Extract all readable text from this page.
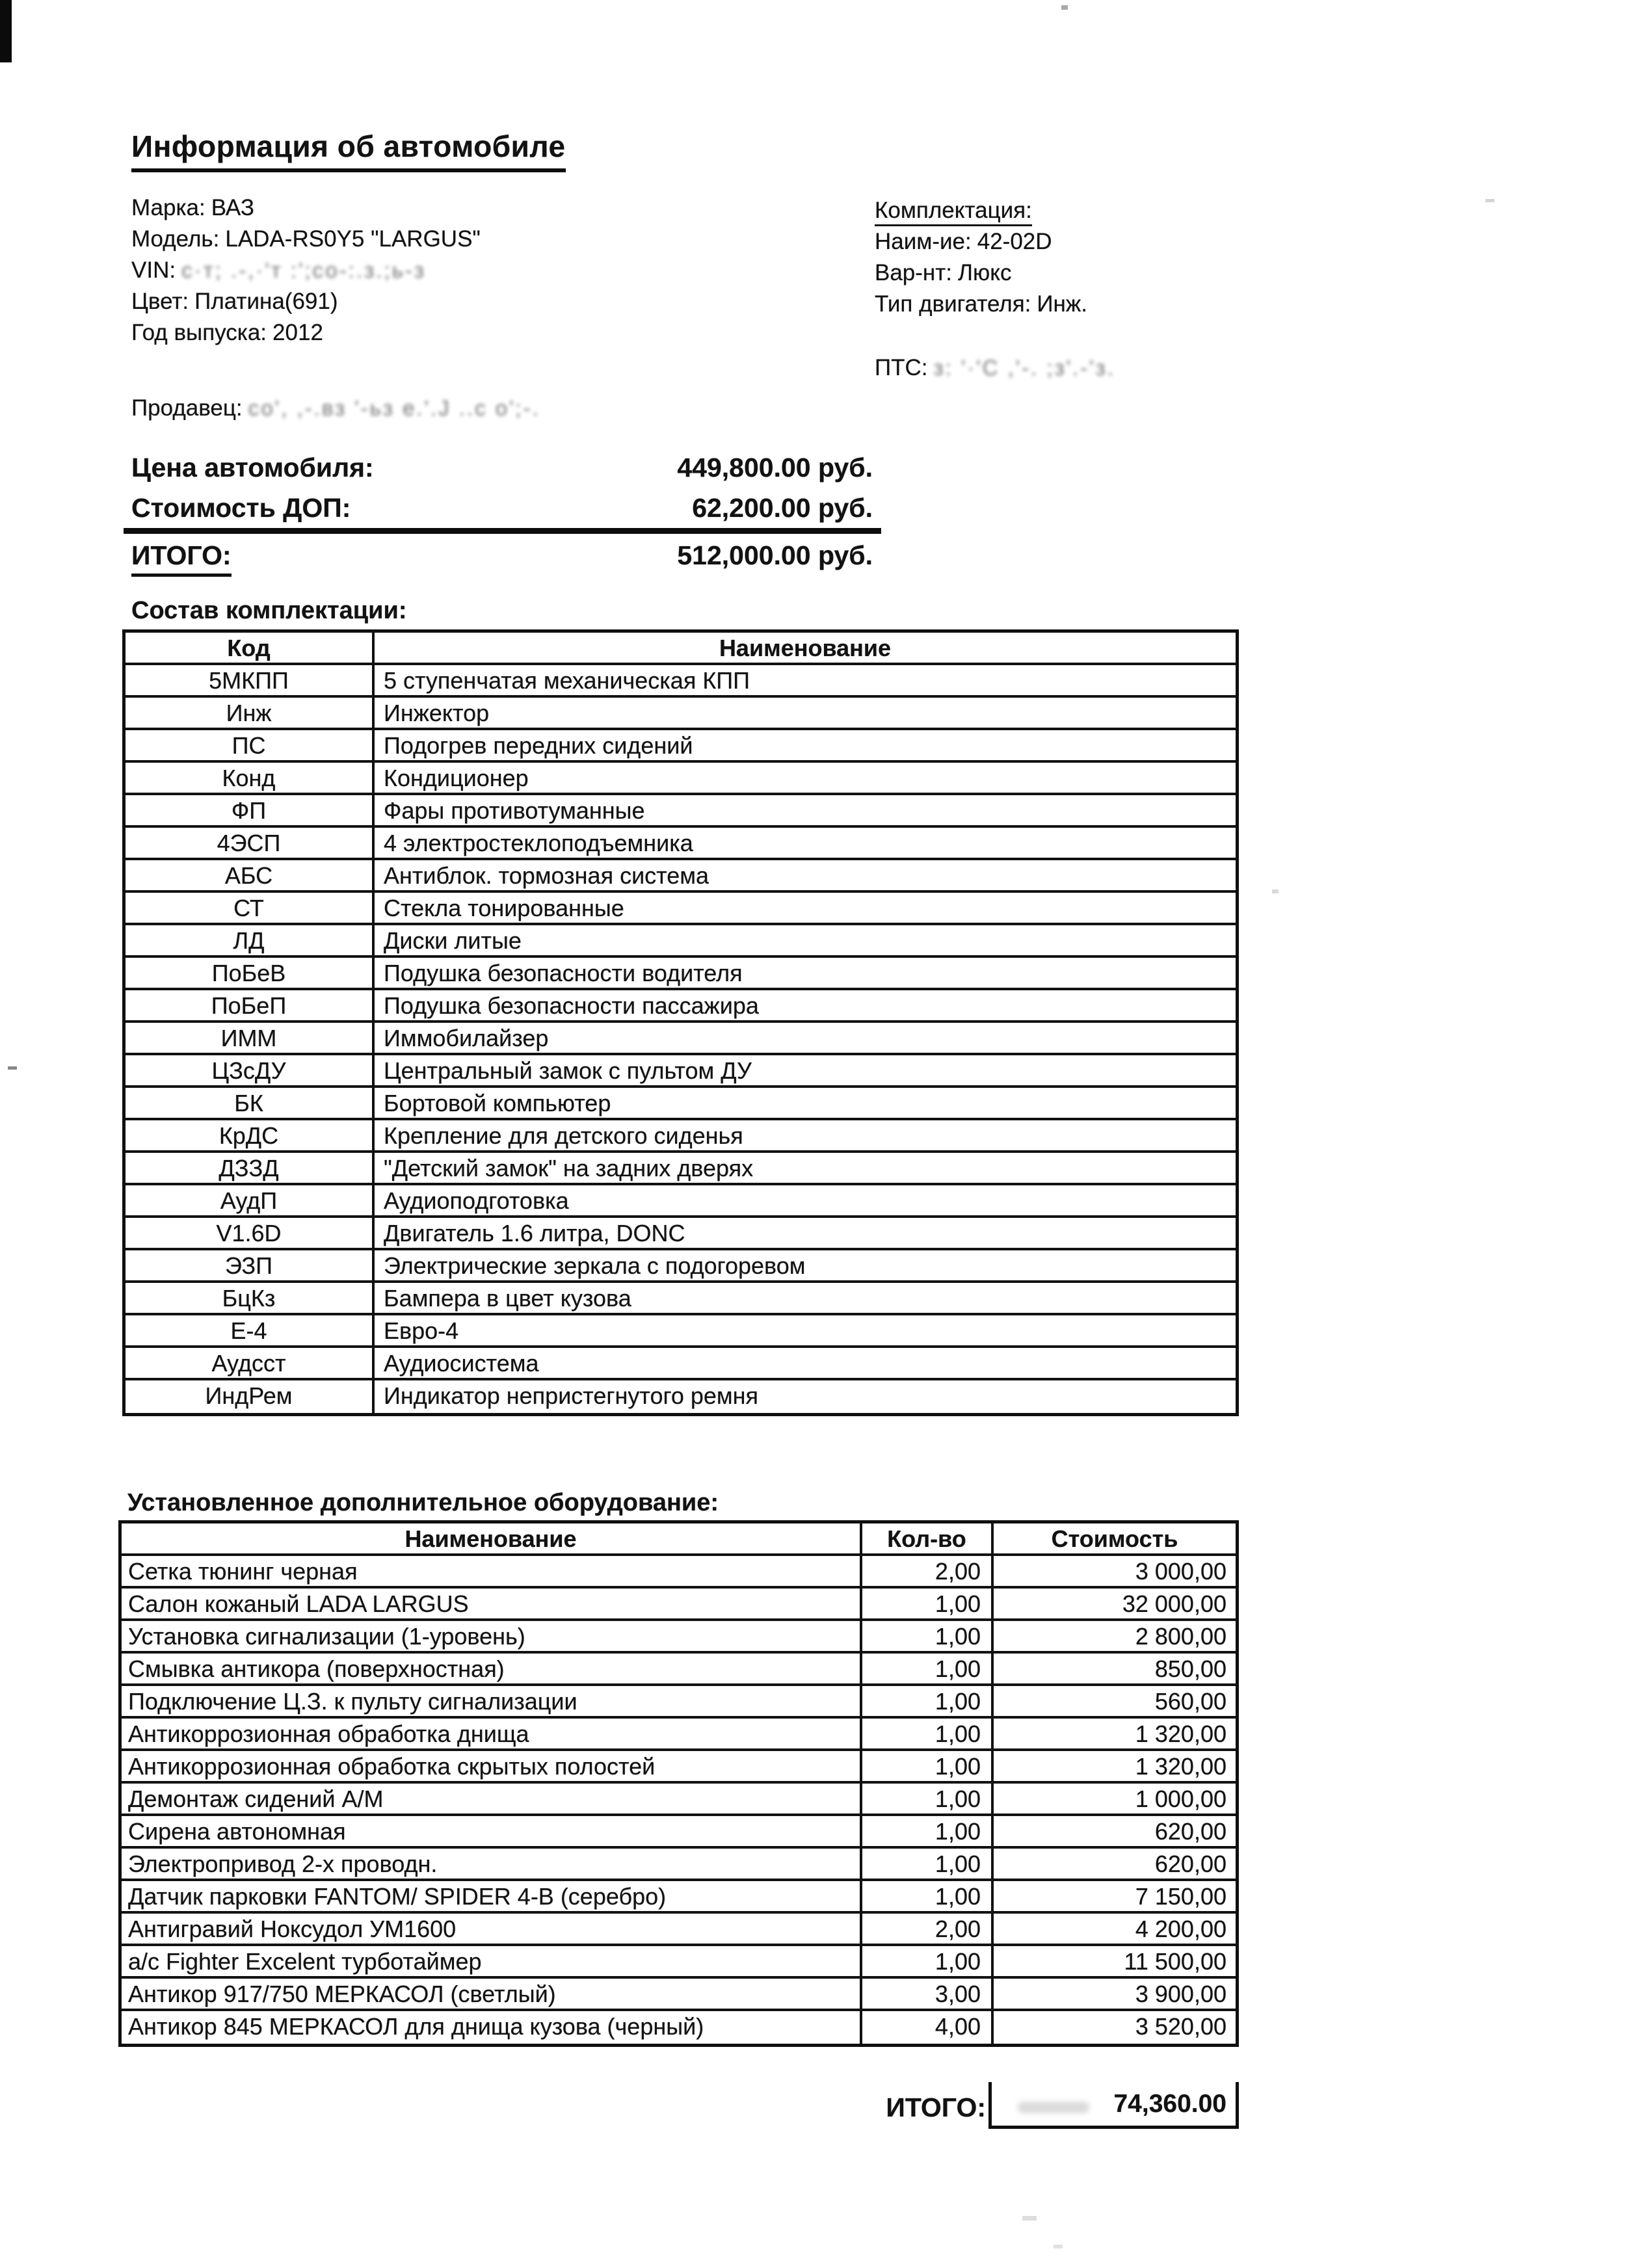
Информация об автомобиле
Марка: ВАЗ
Модель: LADA-RS0Y5 "LARGUS"
VIN: с·т; .-,·'т :';со-:.з.;ь-з
Цвет: Платина(691)
Год выпуска: 2012
Комплектация:
Наим-ие: 42-02D
Вар-нт: Люкс
Тип двигателя: Инж.
ПТС: з: '·'С ,'-. ;з'.-'з.
Продавец: со', ,-.вз '-ьз е.'.Ј ..с о';-.
Цена автомобиля:	449,800.00 руб.
Стоимость ДОП:	62,200.00 руб.
ИТОГО:	512,000.00 руб.
Состав комплектации:
Код	Наименование
5МКПП	5 ступенчатая механическая КПП
Инж	Инжектор
ПС	Подогрев передних сидений
Конд	Кондиционер
ФП	Фары противотуманные
4ЭСП	4 электростеклоподъемника
АБС	Антиблок. тормозная система
СТ	Стекла тонированные
ЛД	Диски литые
ПоБеВ	Подушка безопасности водителя
ПоБеП	Подушка безопасности пассажира
ИММ	Иммобилайзер
ЦЗсДУ	Центральный замок с пультом ДУ
БК	Бортовой компьютер
КрДС	Крепление для детского сиденья
ДЗЗД	"Детский замок" на задних дверях
АудП	Аудиоподготовка
V1.6D	Двигатель 1.6 литра, DONC
ЭЗП	Электрические зеркала с подогоревом
БцКз	Бампера в цвет кузова
Е-4	Евро-4
Аудсст	Аудиосистема
ИндРем	Индикатор непристегнутого ремня
Установленное дополнительное оборудование:
Наименование	Кол-во	Стоимость
Сетка тюнинг черная	2,00	3 000,00
Салон кожаный LADA LARGUS	1,00	32 000,00
Установка сигнализации (1-уровень)	1,00	2 800,00
Смывка антикора (поверхностная)	1,00	850,00
Подключение Ц.З. к пульту сигнализации	1,00	560,00
Антикоррозионная обработка днища	1,00	1 320,00
Антикоррозионная обработка скрытых полостей	1,00	1 320,00
Демонтаж сидений А/М	1,00	1 000,00
Сирена автономная	1,00	620,00
Электропривод 2-х проводн.	1,00	620,00
Датчик парковки FANTOM/ SPIDER 4-В (серебро)	1,00	7 150,00
Антигравий Ноксудол УМ1600	2,00	4 200,00
a/c Fighter Excelent турботаймер	1,00	11 500,00
Антикор 917/750 МЕРКАСОЛ (светлый)	3,00	3 900,00
Антикор 845 МЕРКАСОЛ для днища кузова (черный)	4,00	3 520,00
ИТОГО:	74,360.00
